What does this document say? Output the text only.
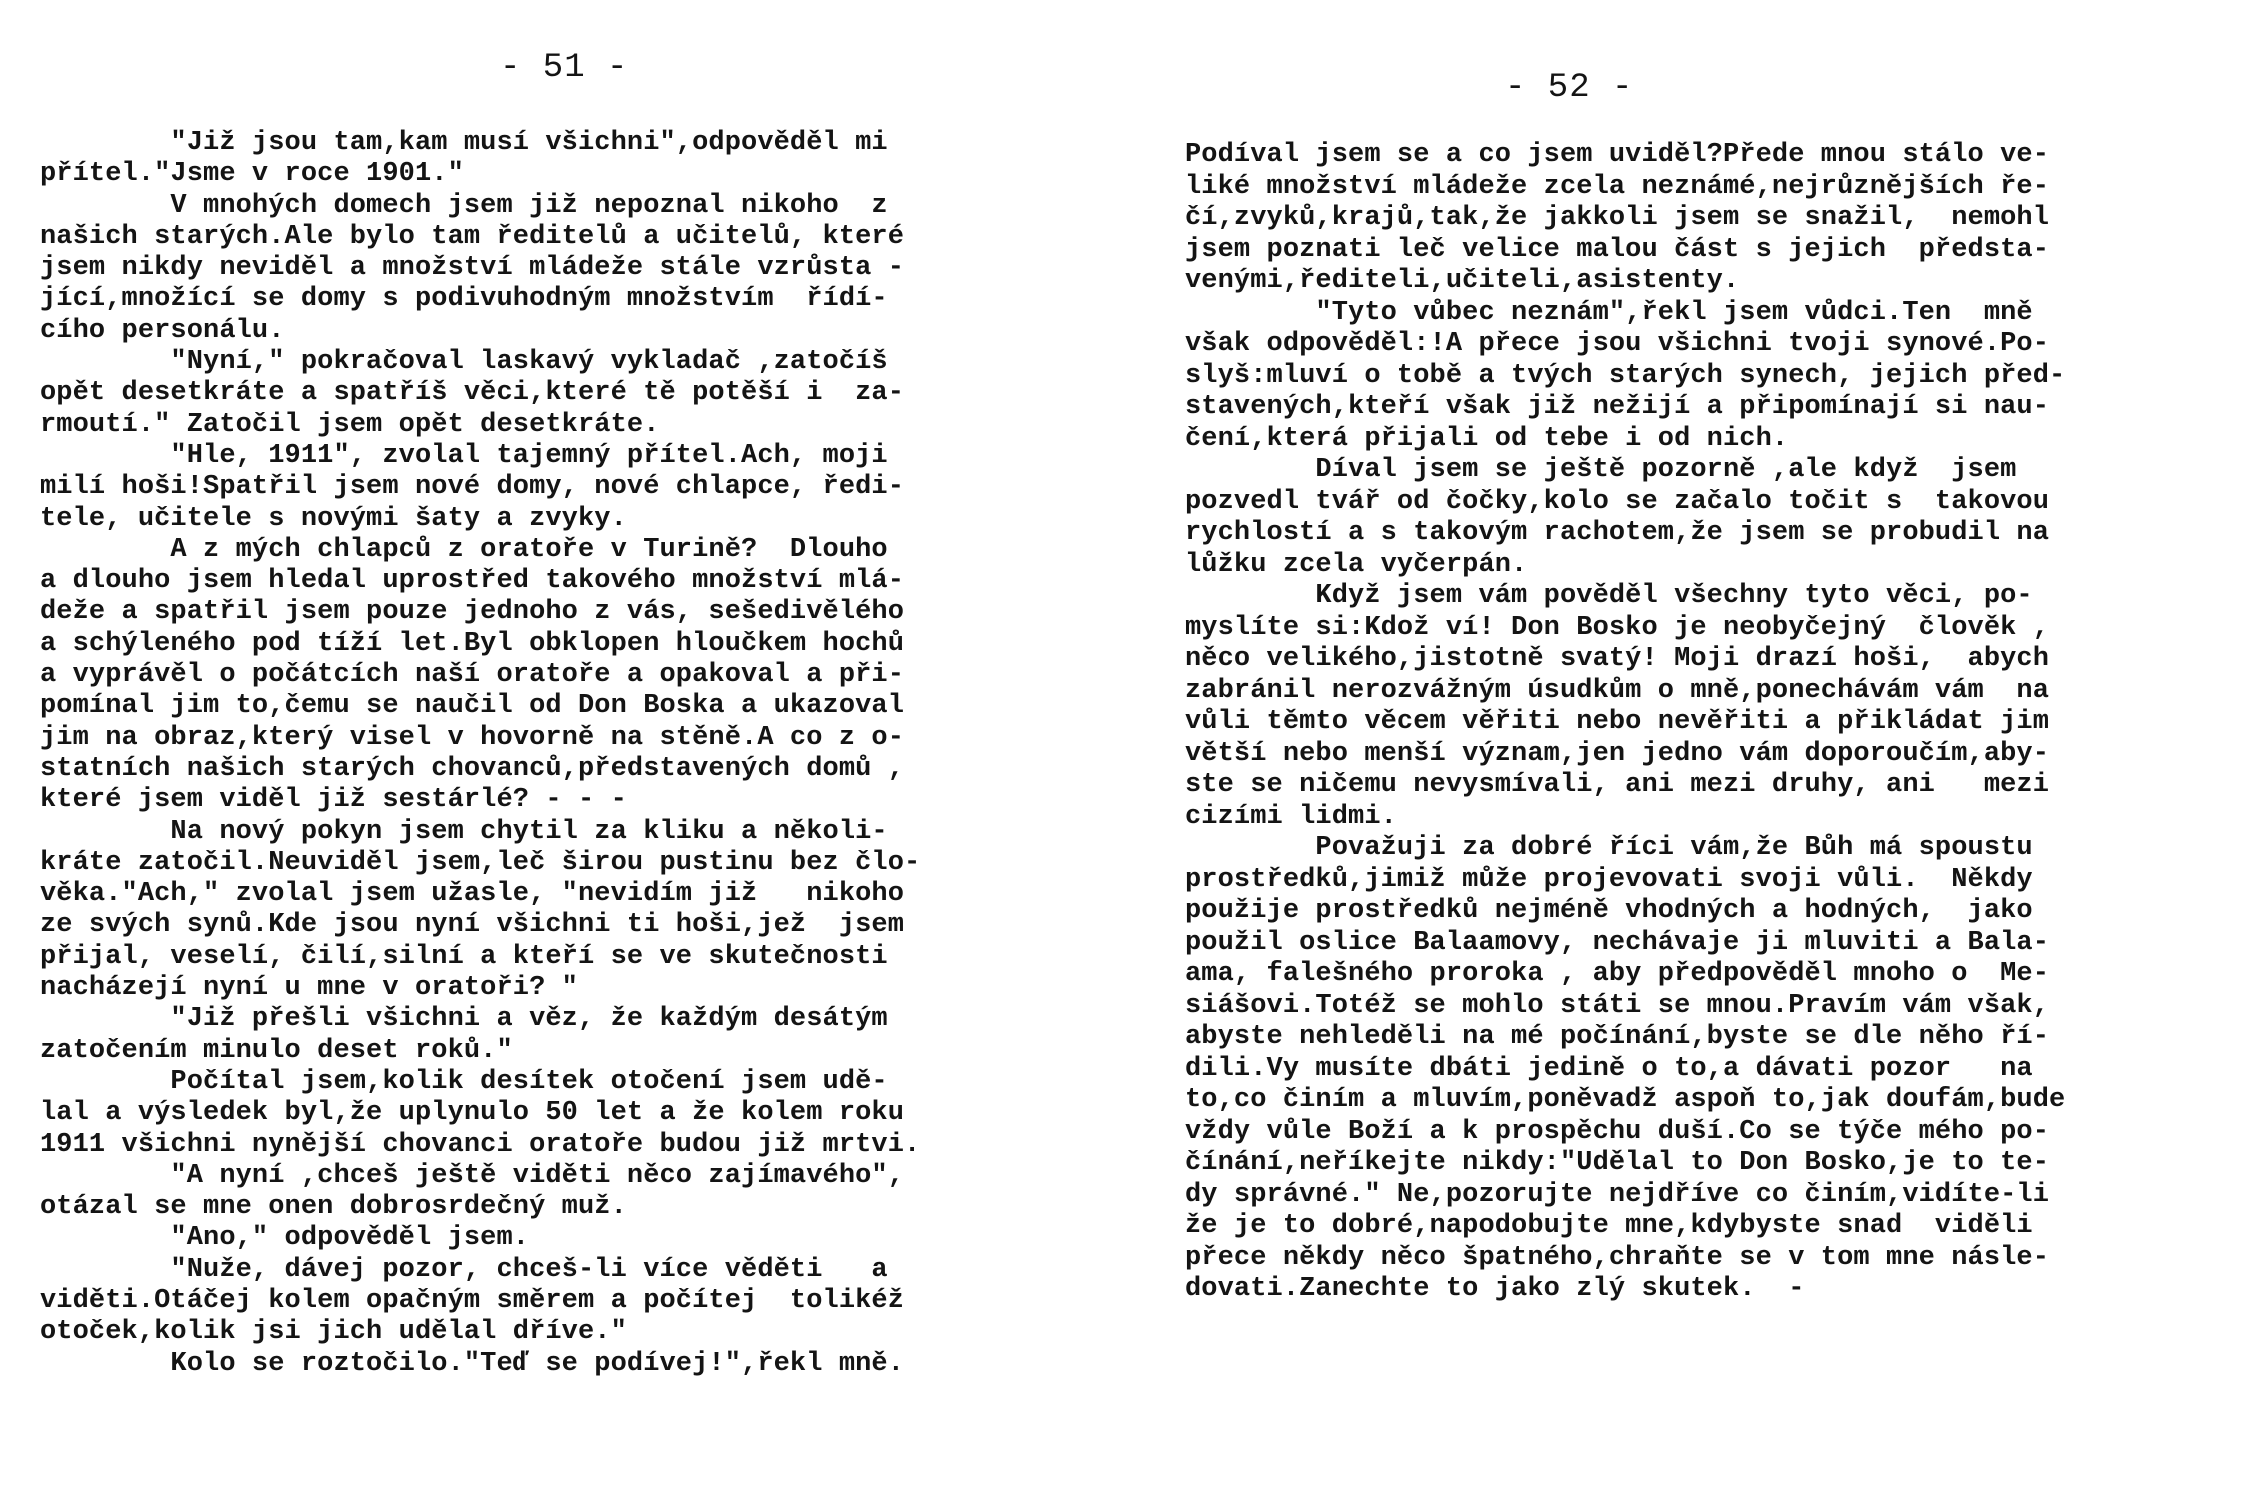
- 51 -
"Již jsou tam,kam musí všichni",odpověděl mi
přítel."Jsme v roce 1901."
V mnohých domech jsem již nepoznal nikoho  z
našich starých.Ale bylo tam ředitelů a učitelů, které
jsem nikdy neviděl a množství mládeže stále vzrůsta -
jící,množící se domy s podivuhodným množstvím  řídí-
cího personálu.
"Nyní," pokračoval laskavý vykladač ,zatočíš
opět desetkráte a spatříš věci,které tě potěší i  za-
rmoutí." Zatočil jsem opět desetkráte.
"Hle, 1911", zvolal tajemný přítel.Ach, moji
milí hoši!Spatřil jsem nové domy, nové chlapce, ředi-
tele, učitele s novými šaty a zvyky.
A z mých chlapců z oratoře v Turině?  Dlouho
a dlouho jsem hledal uprostřed takového množství mlá-
deže a spatřil jsem pouze jednoho z vás, sešedivělého
a schýleného pod tíží let.Byl obklopen hloučkem hochů
a vyprávěl o počátcích naší oratoře a opakoval a při-
pomínal jim to,čemu se naučil od Don Boska a ukazoval
jim na obraz,který visel v hovorně na stěně.A co z o-
statních našich starých chovanců,představených domů ,
které jsem viděl již sestárlé? - - -
Na nový pokyn jsem chytil za kliku a několi-
kráte zatočil.Neuviděl jsem,leč širou pustinu bez člo-
věka."Ach," zvolal jsem užasle, "nevidím již   nikoho
ze svých synů.Kde jsou nyní všichni ti hoši,jež  jsem
přijal, veselí, čilí,silní a kteří se ve skutečnosti
nacházejí nyní u mne v oratoři? "
"Již přešli všichni a věz, že každým desátým
zatočením minulo deset roků."
Počítal jsem,kolik desítek otočení jsem udě-
lal a výsledek byl,že uplynulo 50 let a že kolem roku
1911 všichni nynější chovanci oratoře budou již mrtvi.
"A nyní ,chceš ještě viděti něco zajímavého",
otázal se mne onen dobrosrdečný muž.
"Ano," odpověděl jsem.
"Nuže, dávej pozor, chceš-li více věděti   a
viděti.Otáčej kolem opačným směrem a počítej  tolikéž
otoček,kolik jsi jich udělal dříve."
Kolo se roztočilo."Teď se podívej!",řekl mně.
- 52 -
Podíval jsem se a co jsem uviděl?Přede mnou stálo ve-
liké množství mládeže zcela neznámé,nejrůznějších ře-
čí,zvyků,krajů,tak,že jakkoli jsem se snažil,  nemohl
jsem poznati leč velice malou část s jejich  předsta-
venými,řediteli,učiteli,asistenty.
"Tyto vůbec neznám",řekl jsem vůdci.Ten  mně
však odpověděl:!A přece jsou všichni tvoji synové.Po-
slyš:mluví o tobě a tvých starých synech, jejich před-
stavených,kteří však již nežijí a připomínají si nau-
čení,která přijali od tebe i od nich.
Díval jsem se ještě pozorně ,ale když  jsem
pozvedl tvář od čočky,kolo se začalo točit s  takovou
rychlostí a s takovým rachotem,že jsem se probudil na
lůžku zcela vyčerpán.
Když jsem vám pověděl všechny tyto věci, po-
myslíte si:Kdož ví! Don Bosko je neobyčejný  člověk ,
něco velikého,jistotně svatý! Moji drazí hoši,  abych
zabránil nerozvážným úsudkům o mně,ponechávám vám  na
vůli těmto věcem věřiti nebo nevěřiti a přikládat jim
větší nebo menší význam,jen jedno vám doporoučím,aby-
ste se ničemu nevysmívali, ani mezi druhy, ani   mezi
cizími lidmi.
Považuji za dobré říci vám,že Bůh má spoustu
prostředků,jimiž může projevovati svoji vůli.  Někdy
použije prostředků nejméně vhodných a hodných,  jako
použil oslice Balaamovy, nechávaje ji mluviti a Bala-
ama, falešného proroka , aby předpověděl mnoho o  Me-
siášovi.Totéž se mohlo státi se mnou.Pravím vám však,
abyste nehleděli na mé počínání,byste se dle něho ří-
dili.Vy musíte dbáti jedině o to,a dávati pozor   na
to,co činím a mluvím,poněvadž aspoň to,jak doufám,bude
vždy vůle Boží a k prospěchu duší.Co se týče mého po-
čínání,neříkejte nikdy:"Udělal to Don Bosko,je to te-
dy správné." Ne,pozorujte nejdříve co činím,vidíte-li
že je to dobré,napodobujte mne,kdybyste snad  viděli
přece někdy něco špatného,chraňte se v tom mne násle-
dovati.Zanechte to jako zlý skutek.  -
